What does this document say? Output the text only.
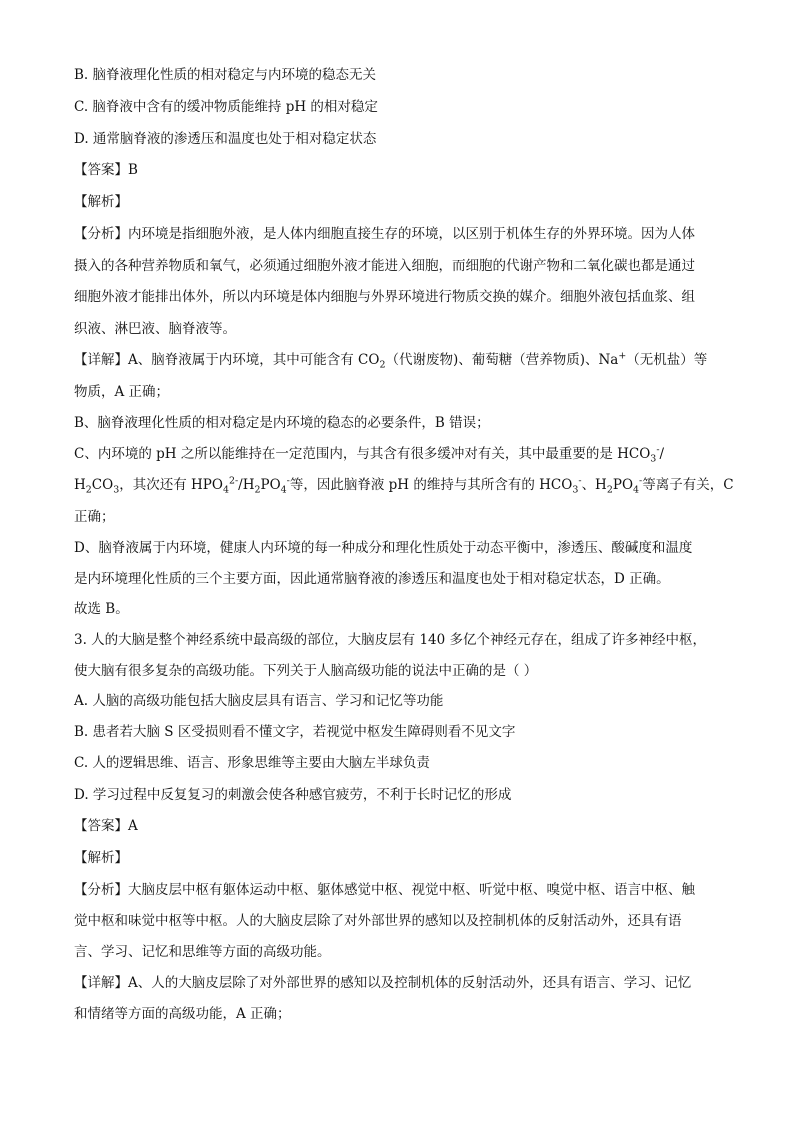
B. 脑脊液理化性质的相对稳定与内环境的稳态无关
C. 脑脊液中含有的缓冲物质能维持 pH 的相对稳定
D. 通常脑脊液的渗透压和温度也处于相对稳定状态
【答案】B
【解析】
【分析】内环境是指细胞外液，是人体内细胞直接生存的环境，以区别于机体生存的外界环境。因为人体
摄入的各种营养物质和氧气，必须通过细胞外液才能进入细胞，而细胞的代谢产物和二氧化碳也都是通过
细胞外液才能排出体外，所以内环境是体内细胞与外界环境进行物质交换的媒介。细胞外液包括血浆、组
织液、淋巴液、脑脊液等。
【详解】A、脑脊液属于内环境，其中可能含有 $CO_2$（代谢废物)、葡萄糖（营养物质)、Na+（无机盐）等
物质，A 正确；
B、脑脊液理化性质的相对稳定是内环境的稳态的必要条件，B 错误；
C、内环境的 pH 之所以能维持在一定范围内，与其含有很多缓冲对有关，其中最重要的是 $HCO_3^-/$
$H_2CO_3$，其次还有 $HPO_4^{2-}/H_2PO_4^-$等，因此脑脊液 pH 的维持与其所含有的 $HCO_3^-$、$H_2PO_4^-$等离子有关，C
正确；
D、脑脊液属于内环境，健康人内环境的每一种成分和理化性质处于动态平衡中，渗透压、酸碱度和温度
是内环境理化性质的三个主要方面，因此通常脑脊液的渗透压和温度也处于相对稳定状态，D 正确。
故选 B。
3. 人的大脑是整个神经系统中最高级的部位，大脑皮层有 140 多亿个神经元存在，组成了许多神经中枢，
使大脑有很多复杂的高级功能。下列关于人脑高级功能的说法中正确的是（ ）
A. 人脑的高级功能包括大脑皮层具有语言、学习和记忆等功能
B. 患者若大脑 S 区受损则看不懂文字，若视觉中枢发生障碍则看不见文字
C. 人的逻辑思维、语言、形象思维等主要由大脑左半球负责
D. 学习过程中反复复习的刺激会使各种感官疲劳，不利于长时记忆的形成
【答案】A
【解析】
【分析】大脑皮层中枢有躯体运动中枢、躯体感觉中枢、视觉中枢、听觉中枢、嗅觉中枢、语言中枢、触
觉中枢和味觉中枢等中枢。人的大脑皮层除了对外部世界的感知以及控制机体的反射活动外，还具有语
言、学习、记忆和思维等方面的高级功能。
【详解】A、人的大脑皮层除了对外部世界的感知以及控制机体的反射活动外，还具有语言、学习、记忆
和情绪等方面的高级功能，A 正确；
